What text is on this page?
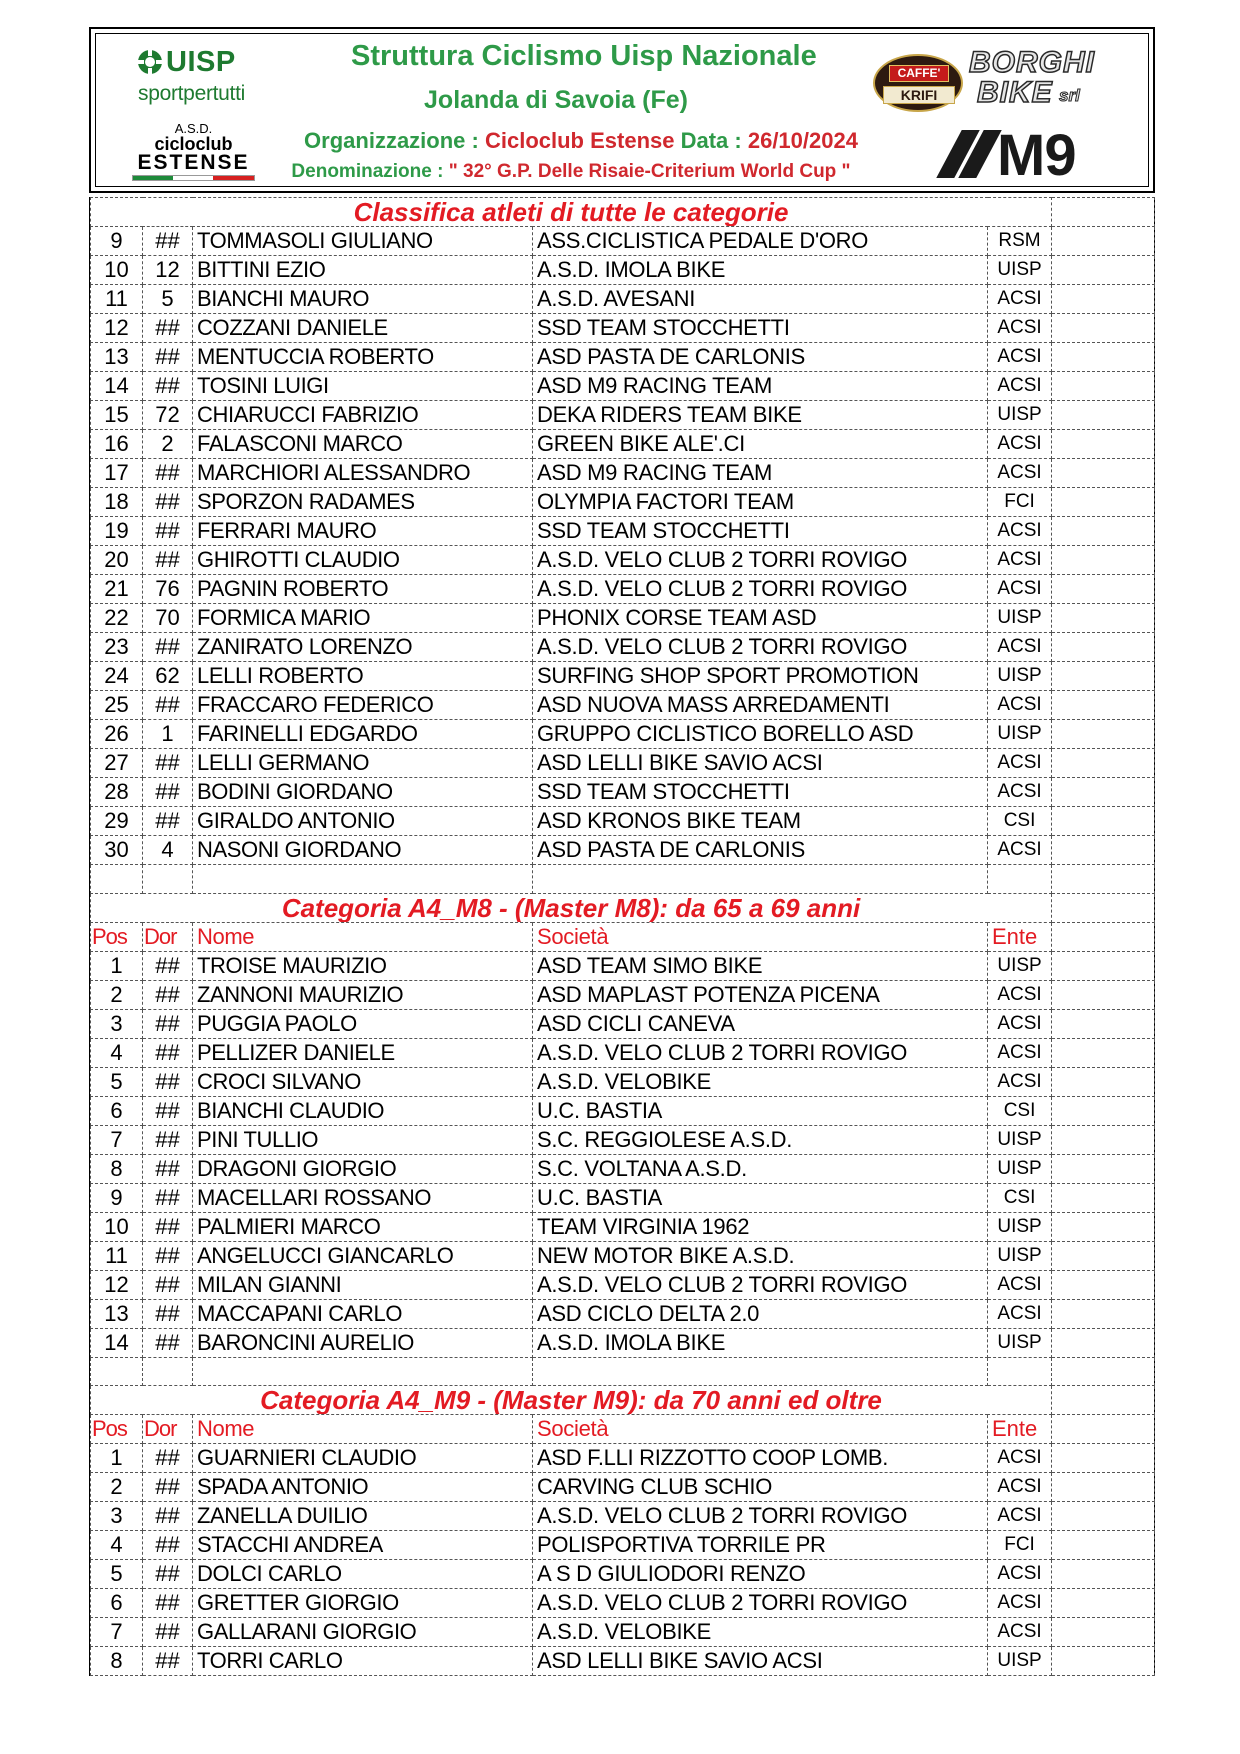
UISP
sportpertutti
A.S.D.
cicloclub
ESTENSE
Struttura Ciclismo Uisp Nazionale
Jolanda di Savoia (Fe)
Organizzazione : Cicloclub Estense Data : 26/10/2024
Denominazione : " 32° G.P. Delle Risaie-Criterium World Cup "
CAFFE'
KRIFI
BORGHI
BIKE srl
M9
Classifica atleti di tutte le categorie					
9	##	TOMMASOLI GIULIANO	ASS.CICLISTICA PEDALE D'ORO	RSM	
10	12	BITTINI EZIO	A.S.D. IMOLA BIKE	UISP	
11	5	BIANCHI MAURO	A.S.D. AVESANI	ACSI	
12	##	COZZANI DANIELE	SSD TEAM STOCCHETTI	ACSI	
13	##	MENTUCCIA ROBERTO	ASD PASTA DE CARLONIS	ACSI	
14	##	TOSINI LUIGI	ASD M9 RACING TEAM	ACSI	
15	72	CHIARUCCI FABRIZIO	DEKA RIDERS TEAM BIKE	UISP	
16	2	FALASCONI MARCO	GREEN BIKE ALE'.CI	ACSI	
17	##	MARCHIORI ALESSANDRO	ASD M9 RACING TEAM	ACSI	
18	##	SPORZON RADAMES	OLYMPIA FACTORI TEAM	FCI	
19	##	FERRARI MAURO	SSD TEAM STOCCHETTI	ACSI	
20	##	GHIROTTI CLAUDIO	A.S.D. VELO CLUB 2 TORRI ROVIGO	ACSI	
21	76	PAGNIN ROBERTO	A.S.D. VELO CLUB 2 TORRI ROVIGO	ACSI	
22	70	FORMICA MARIO	PHONIX CORSE TEAM ASD	UISP	
23	##	ZANIRATO LORENZO	A.S.D. VELO CLUB 2 TORRI ROVIGO	ACSI	
24	62	LELLI ROBERTO	SURFING SHOP SPORT PROMOTION	UISP	
25	##	FRACCARO FEDERICO	ASD NUOVA MASS ARREDAMENTI	ACSI	
26	1	FARINELLI EDGARDO	GRUPPO CICLISTICO BORELLO ASD	UISP	
27	##	LELLI GERMANO	ASD LELLI BIKE SAVIO ACSI	ACSI	
28	##	BODINI GIORDANO	SSD TEAM STOCCHETTI	ACSI	
29	##	GIRALDO ANTONIO	ASD KRONOS BIKE TEAM	CSI	
30	4	NASONI GIORDANO	ASD PASTA DE CARLONIS	ACSI	

Categoria A4_M8 - (Master M8): da 65 a 69 anni					
Pos	Dor	Nome	Società	Ente	
1	##	TROISE MAURIZIO	ASD TEAM SIMO BIKE	UISP	
2	##	ZANNONI MAURIZIO	ASD MAPLAST POTENZA PICENA	ACSI	
3	##	PUGGIA PAOLO	ASD CICLI CANEVA	ACSI	
4	##	PELLIZER DANIELE	A.S.D. VELO CLUB 2 TORRI ROVIGO	ACSI	
5	##	CROCI SILVANO	A.S.D. VELOBIKE	ACSI	
6	##	BIANCHI CLAUDIO	U.C. BASTIA	CSI	
7	##	PINI TULLIO	S.C. REGGIOLESE A.S.D.	UISP	
8	##	DRAGONI GIORGIO	S.C. VOLTANA A.S.D.	UISP	
9	##	MACELLARI ROSSANO	U.C. BASTIA	CSI	
10	##	PALMIERI MARCO	TEAM VIRGINIA 1962	UISP	
11	##	ANGELUCCI GIANCARLO	NEW MOTOR BIKE A.S.D.	UISP	
12	##	MILAN GIANNI	A.S.D. VELO CLUB 2 TORRI ROVIGO	ACSI	
13	##	MACCAPANI CARLO	ASD CICLO DELTA 2.0	ACSI	
14	##	BARONCINI AURELIO	A.S.D. IMOLA BIKE	UISP	

Categoria A4_M9 - (Master M9): da 70 anni ed oltre					
Pos	Dor	Nome	Società	Ente	
1	##	GUARNIERI CLAUDIO	ASD F.LLI RIZZOTTO COOP LOMB.	ACSI	
2	##	SPADA ANTONIO	CARVING CLUB SCHIO	ACSI	
3	##	ZANELLA DUILIO	A.S.D. VELO CLUB 2 TORRI ROVIGO	ACSI	
4	##	STACCHI ANDREA	POLISPORTIVA TORRILE PR	FCI	
5	##	DOLCI CARLO	A S D GIULIODORI RENZO	ACSI	
6	##	GRETTER GIORGIO	A.S.D. VELO CLUB 2 TORRI ROVIGO	ACSI	
7	##	GALLARANI GIORGIO	A.S.D. VELOBIKE	ACSI	
8	##	TORRI CARLO	ASD LELLI BIKE SAVIO ACSI	UISP	
